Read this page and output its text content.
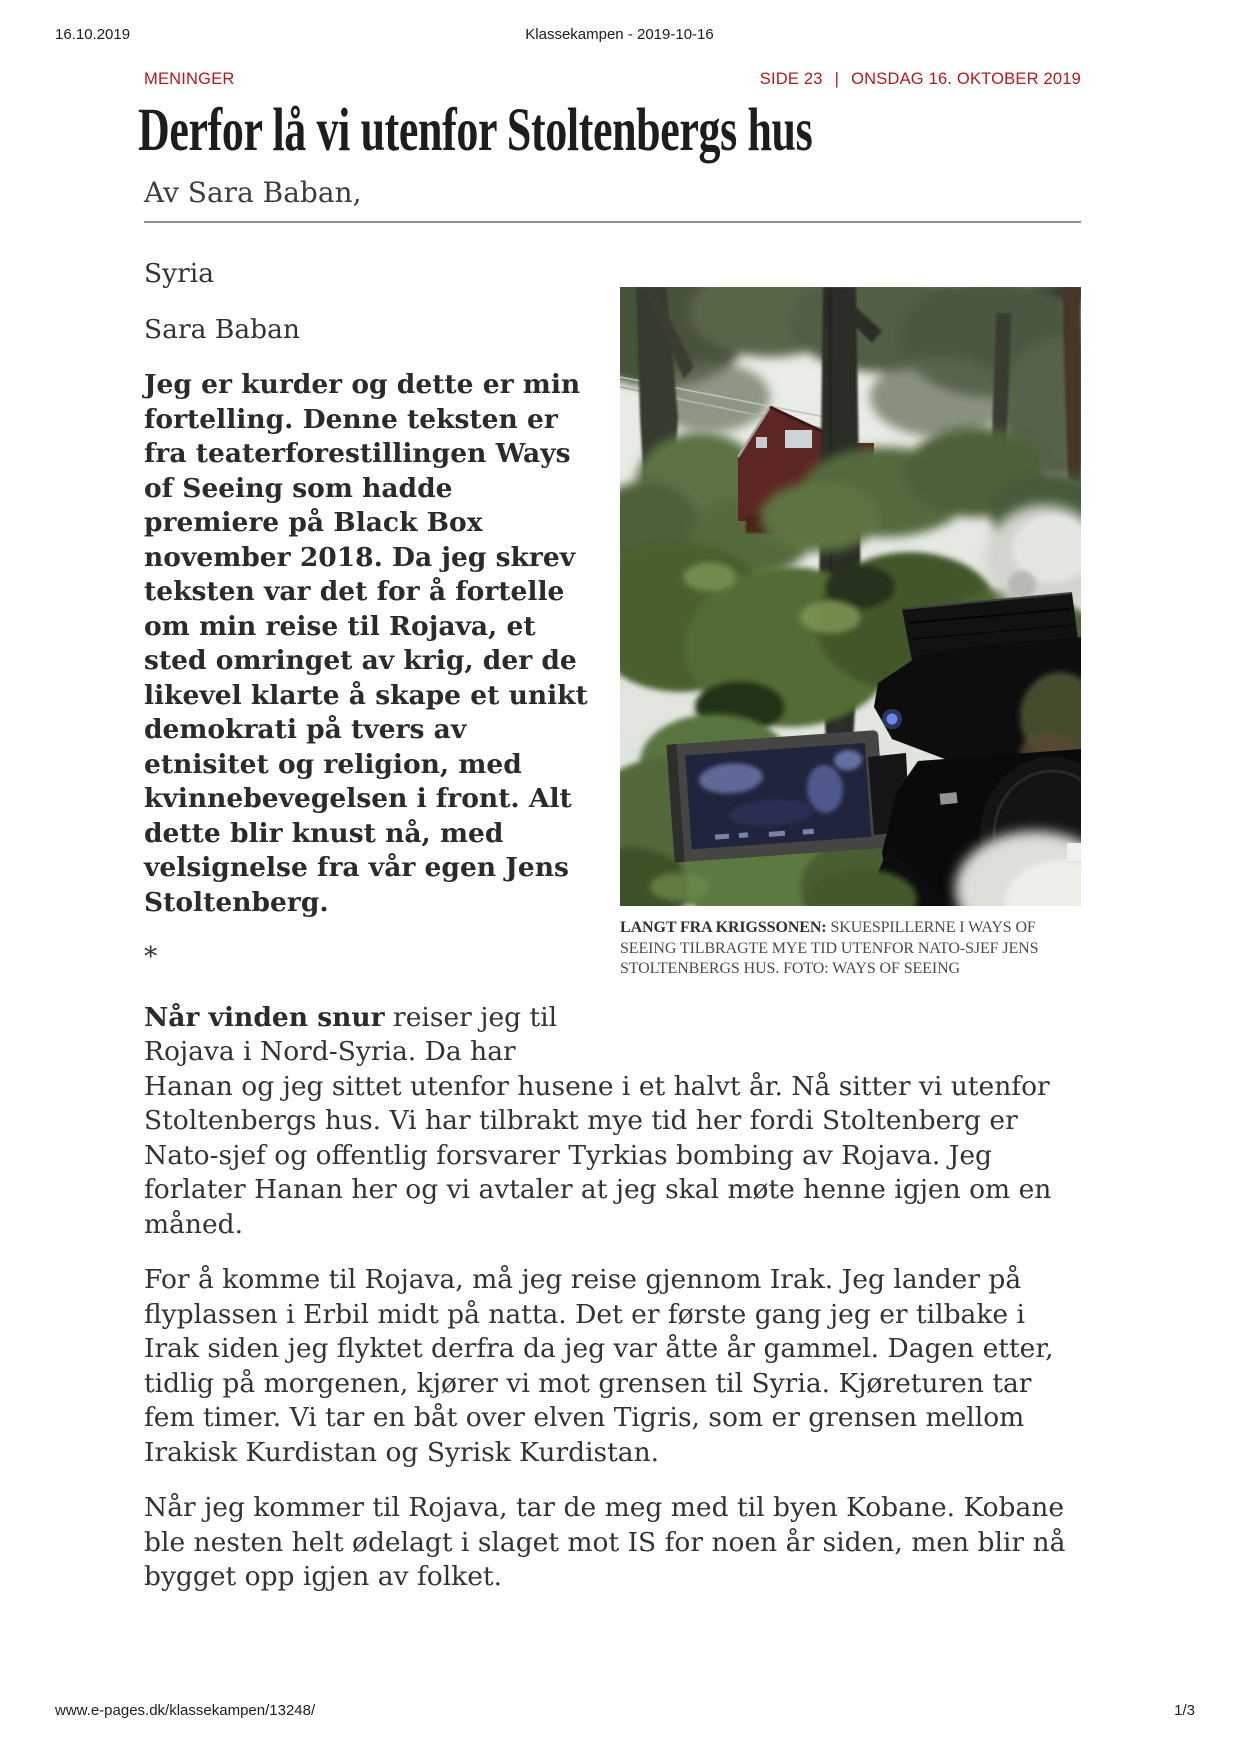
16.10.2019	Klassekampen - 2019-10-16
MENINGER	SIDE 23 | ONSDAG 16. OKTOBER 2019
Derfor lå vi utenfor Stoltenbergs hus
Av Sara Baban,
LANGT FRA KRIGSSONEN: SKUESPILLERNE I WAYS OF SEEING TILBRAGTE MYE TID UTENFOR NATO-SJEF JENS STOLTENBERGS HUS. FOTO: WAYS OF SEEING

Syria

Sara Baban

Jeg er kurder og dette er min fortelling. Denne teksten er fra teaterforestillingen Ways of Seeing som hadde premiere på Black Box november 2018. Da jeg skrev teksten var det for å fortelle om min reise til Rojava, et sted omringet av krig, der de likevel klarte å skape et unikt demokrati på tvers av etnisitet og religion, med kvinnebevegelsen i front. Alt dette blir knust nå, med velsignelse fra vår egen Jens Stoltenberg.

*

Når vinden snur reiser jeg til Rojava i Nord-Syria. Da har Hanan og jeg sittet utenfor husene i et halvt år. Nå sitter vi utenfor Stoltenbergs hus. Vi har tilbrakt mye tid her fordi Stoltenberg er Nato-sjef og offentlig forsvarer Tyrkias bombing av Rojava. Jeg forlater Hanan her og vi avtaler at jeg skal møte henne igjen om en måned.

For å komme til Rojava, må jeg reise gjennom Irak. Jeg lander på flyplassen i Erbil midt på natta. Det er første gang jeg er tilbake i Irak siden jeg flyktet derfra da jeg var åtte år gammel. Dagen etter, tidlig på morgenen, kjører vi mot grensen til Syria. Kjøreturen tar fem timer. Vi tar en båt over elven Tigris, som er grensen mellom Irakisk Kurdistan og Syrisk Kurdistan.

Når jeg kommer til Rojava, tar de meg med til byen Kobane. Kobane ble nesten helt ødelagt i slaget mot IS for noen år siden, men blir nå bygget opp igjen av folket.

www.e-pages.dk/klassekampen/13248/	1/3
